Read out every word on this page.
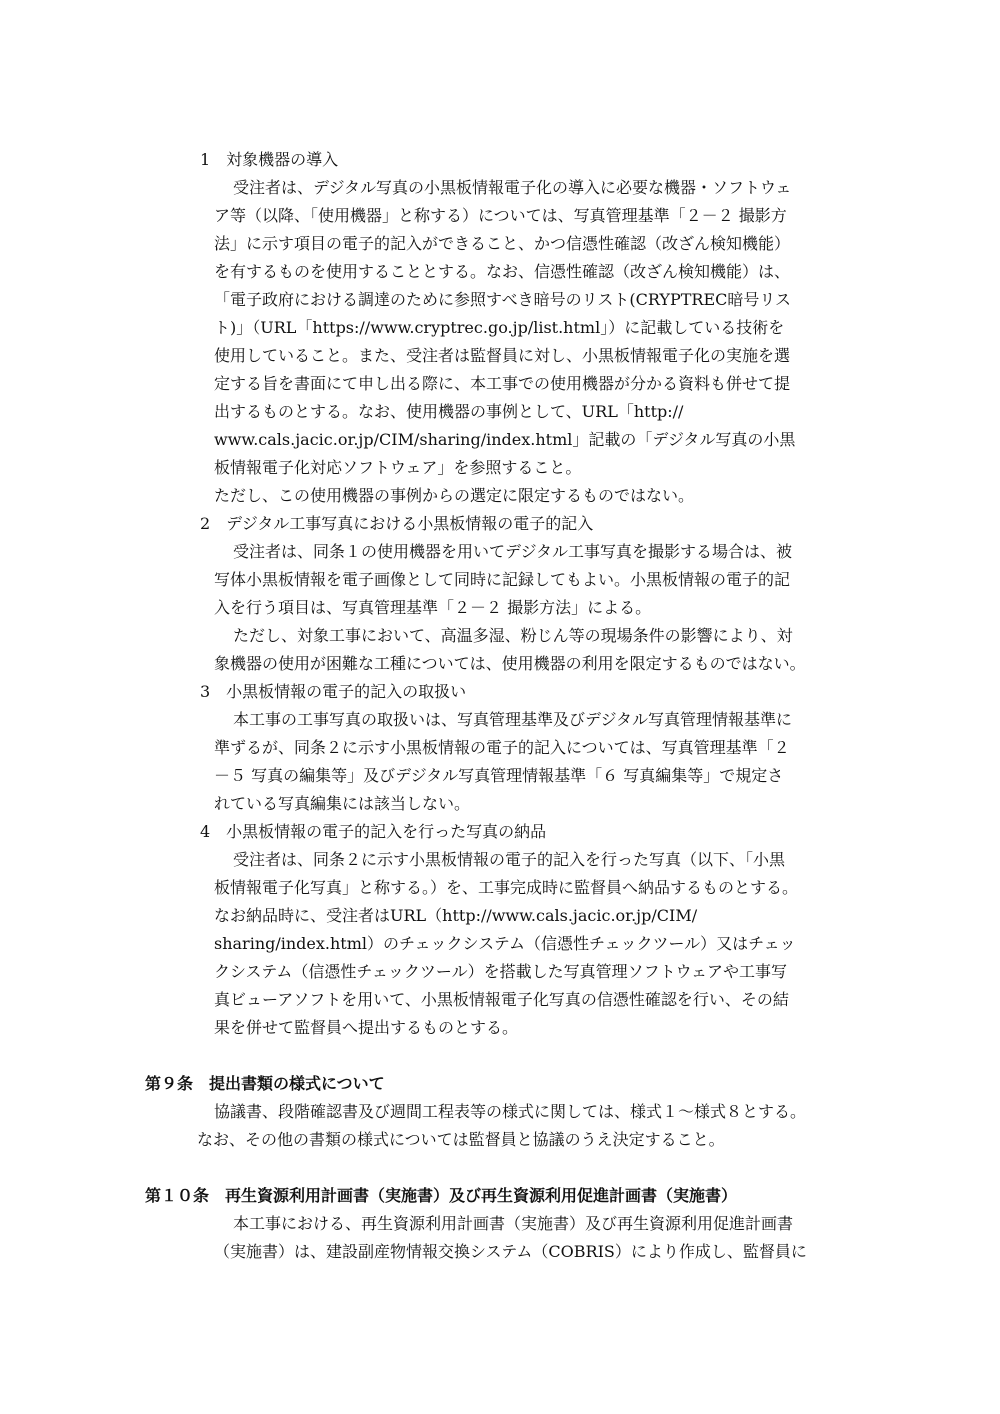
1　対象機器の導入
受注者は、デジタル写真の小黒板情報電子化の導入に必要な機器・ソフトウェ
ア等（以降、「使用機器」と称する）については、写真管理基準「２－２ 撮影方
法」に示す項目の電子的記入ができること、かつ信憑性確認（改ざん検知機能）
を有するものを使用することとする。なお、信憑性確認（改ざん検知機能）は、
「電子政府における調達のために参照すべき暗号のリスト(CRYPTREC暗号リス
ト)」（URL「https://www.cryptrec.go.jp/list.html」）に記載している技術を
使用していること。また、受注者は監督員に対し、小黒板情報電子化の実施を選
定する旨を書面にて申し出る際に、本工事での使用機器が分かる資料も併せて提
出するものとする。なお、使用機器の事例として、URL「http://
www.cals.jacic.or.jp/CIM/sharing/index.html」記載の「デジタル写真の小黒
板情報電子化対応ソフトウェア」を参照すること。
ただし、この使用機器の事例からの選定に限定するものではない。
2　デジタル工事写真における小黒板情報の電子的記入
受注者は、同条１の使用機器を用いてデジタル工事写真を撮影する場合は、被
写体小黒板情報を電子画像として同時に記録してもよい。小黒板情報の電子的記
入を行う項目は、写真管理基準「２－２ 撮影方法」による。
ただし、対象工事において、高温多湿、粉じん等の現場条件の影響により、対
象機器の使用が困難な工種については、使用機器の利用を限定するものではない。
3　小黒板情報の電子的記入の取扱い
本工事の工事写真の取扱いは、写真管理基準及びデジタル写真管理情報基準に
準ずるが、同条２に示す小黒板情報の電子的記入については、写真管理基準「２
－５ 写真の編集等」及びデジタル写真管理情報基準「６ 写真編集等」で規定さ
れている写真編集には該当しない。
4　小黒板情報の電子的記入を行った写真の納品
受注者は、同条２に示す小黒板情報の電子的記入を行った写真（以下、「小黒
板情報電子化写真」と称する。）を、工事完成時に監督員へ納品するものとする。
なお納品時に、受注者はURL（http://www.cals.jacic.or.jp/CIM/
sharing/index.html）のチェックシステム（信憑性チェックツール）又はチェッ
クシステム（信憑性チェックツール）を搭載した写真管理ソフトウェアや工事写
真ビューアソフトを用いて、小黒板情報電子化写真の信憑性確認を行い、その結
果を併せて監督員へ提出するものとする。
第９条　提出書類の様式について
協議書、段階確認書及び週間工程表等の様式に関しては、様式１～様式８とする。
なお、その他の書類の様式については監督員と協議のうえ決定すること。
第１０条　再生資源利用計画書（実施書）及び再生資源利用促進計画書（実施書）
本工事における、再生資源利用計画書（実施書）及び再生資源利用促進計画書
（実施書）は、建設副産物情報交換システム（COBRIS）により作成し、監督員に
